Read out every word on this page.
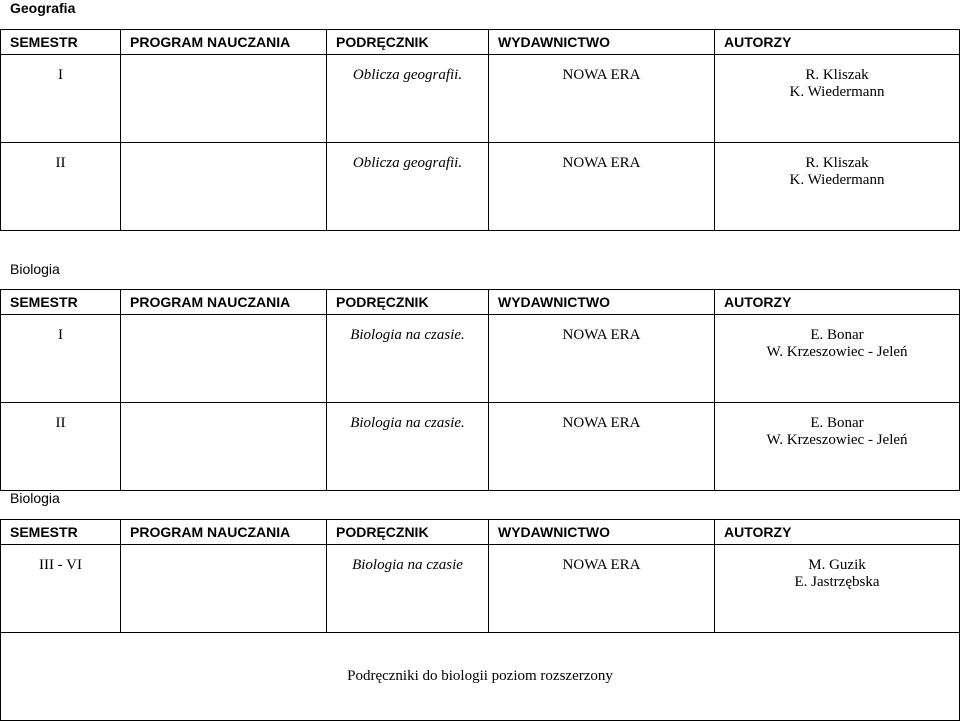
Geografia
SEMESTR	PROGRAM NAUCZANIA	PODRĘCZNIK	WYDAWNICTWO	AUTORZY
I		Oblicza geografii.	NOWA ERA	R. Kliszak
K. Wiedermann

II		Oblicza geografii.	NOWA ERA	R. Kliszak
K. Wiedermann
Biologia
SEMESTR	PROGRAM NAUCZANIA	PODRĘCZNIK	WYDAWNICTWO	AUTORZY
I		Biologia na czasie.	NOWA ERA	E. Bonar
W. Krzeszowiec - Jeleń

II		Biologia na czasie.	NOWA ERA	E. Bonar
W. Krzeszowiec - Jeleń
Biologia
SEMESTR	PROGRAM NAUCZANIA	PODRĘCZNIK	WYDAWNICTWO	AUTORZY
III - VI		Biologia na czasie	NOWA ERA	M. Guzik
E. Jastrzębska

Podręczniki do biologii poziom rozszerzony				
